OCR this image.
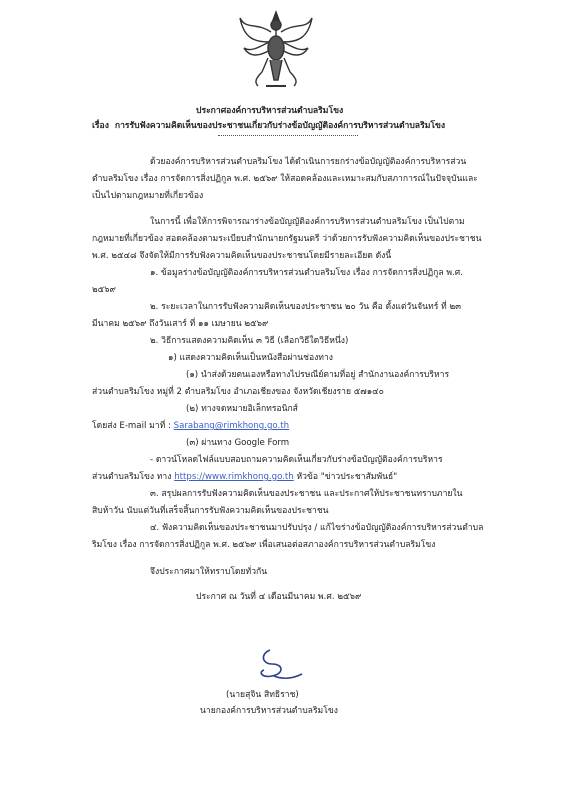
ประกาศองค์การบริหารส่วนตำบลริมโขง
เรื่อง การรับฟังความคิดเห็นของประชาชนเกี่ยวกับร่างข้อบัญญัติองค์การบริหารส่วนตำบลริมโขง
ด้วยองค์การบริหารส่วนตำบลริมโขง ได้ดำเนินการยกร่างข้อบัญญัติองค์การบริหารส่วน
ตำบลริมโขง เรื่อง การจัดการสิ่งปฏิกูล พ.ศ. ๒๕๖๙ ให้สอดคล้องและเหมาะสมกับสภาการณ์ในปัจจุบันและ
เป็นไปตามกฎหมายที่เกี่ยวข้อง
ในการนี้ เพื่อให้การพิจารณาร่างข้อบัญญัติองค์การบริหารส่วนตำบลริมโขง เป็นไปตาม
กฎหมายที่เกี่ยวข้อง สอดคล้องตามระเบียบสำนักนายกรัฐมนตรี ว่าด้วยการรับฟังความคิดเห็นของประชาชน
พ.ศ. ๒๕๔๘ จึงจัดให้มีการรับฟังความคิดเห็นของประชาชนโดยมีรายละเอียด ดังนี้
๑. ข้อมูลร่างข้อบัญญัติองค์การบริหารส่วนตำบลริมโขง เรื่อง การจัดการสิ่งปฏิกูล พ.ศ.
๒๕๖๙
๒. ระยะเวลาในการรับฟังความคิดเห็นของประชาชน ๒๐ วัน คือ ตั้งแต่วันจันทร์ ที่ ๒๓
มีนาคม ๒๕๖๙ ถึงวันเสาร์ ที่ ๑๑ เมษายน ๒๕๖๙
๒. วิธีการแสดงความคิดเห็น ๓ วิธี (เลือกวิธีใดวิธีหนึ่ง)
๑) แสดงความคิดเห็นเป็นหนังสือผ่านช่องทาง
(๑) นำส่งด้วยตนเองหรือทางไปรษณีย์ตามที่อยู่ สำนักงานองค์การบริหาร
ส่วนตำบลริมโขง หมู่ที่ 2 ตำบลริมโขง อำเภอเชียงของ จังหวัดเชียงราย ๕๗๑๔๐
(๒) ทางจดหมายอิเล็กทรอนิกส์
โดยส่ง E-mail มาที่ : Sarabang@rimkhong.go.th
(๓) ผ่านทาง Google Form
- ดาวน์โหลดไฟล์แบบสอบถามความคิดเห็นเกี่ยวกับร่างข้อบัญญัติองค์การบริหาร
ส่วนตำบลริมโขง ทาง https://www.rimkhong.go.th หัวข้อ "ข่าวประชาสัมพันธ์"
๓. สรุปผลการรับฟังความคิดเห็นของประชาชน และประกาศให้ประชาชนทราบภายใน
สิบห้าวัน นับแต่วันที่เสร็จสิ้นการรับฟังความคิดเห็นของประชาชน
๔. ฟังความคิดเห็นของประชาชนมาปรับปรุง / แก้ไขร่างข้อบัญญัติองค์การบริหารส่วนตำบล
ริมโขง เรื่อง การจัดการสิ่งปฏิกูล พ.ศ. ๒๕๖๙ เพื่อเสนอต่อสภาองค์การบริหารส่วนตำบลริมโขง
จึงประกาศมาให้ทราบโดยทั่วกัน
ประกาศ ณ วันที่ ๔ เดือนมีนาคม พ.ศ. ๒๕๖๙
(นายสุจิน สิทธิราช)
นายกองค์การบริหารส่วนตำบลริมโขง
